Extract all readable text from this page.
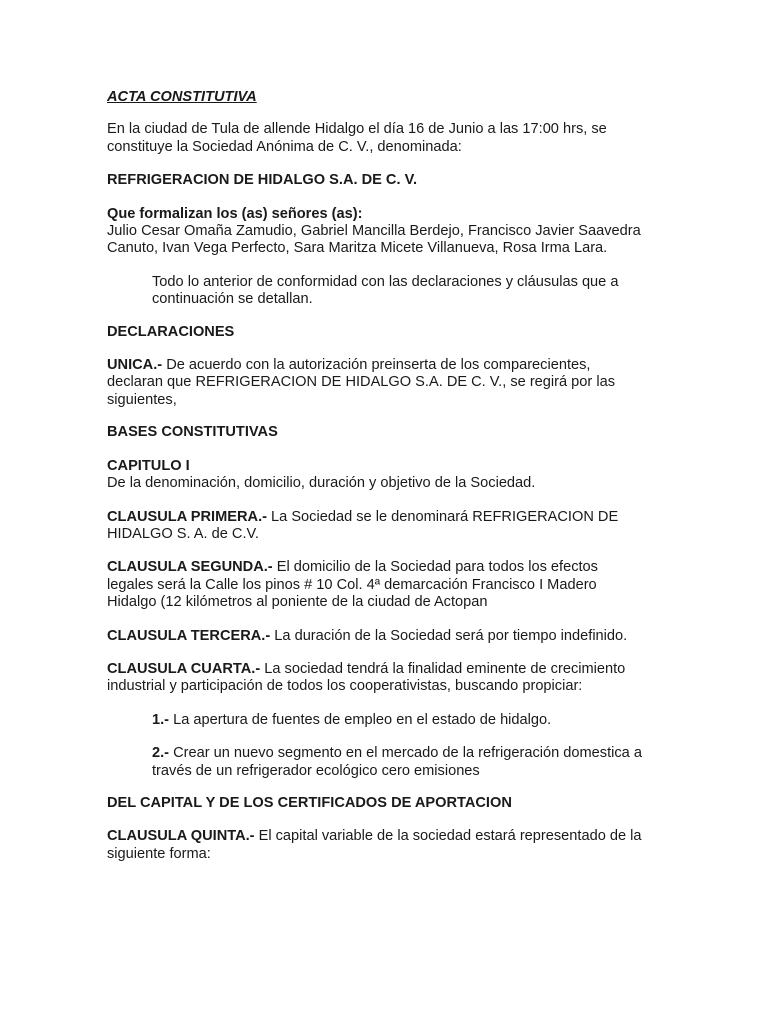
ACTA CONSTITUTIVA

En la ciudad de Tula de allende Hidalgo el día 16 de Junio a las 17:00 hrs, se
constituye la Sociedad Anónima de C. V., denominada:

REFRIGERACION DE HIDALGO S.A. DE C. V.

Que formalizan los (as) señores (as):
Julio Cesar Omaña Zamudio, Gabriel Mancilla Berdejo, Francisco Javier Saavedra
Canuto, Ivan Vega Perfecto, Sara Maritza Micete Villanueva, Rosa Irma Lara.

Todo lo anterior de conformidad con las declaraciones y cláusulas que a
continuación se detallan.

DECLARACIONES

UNICA.- De acuerdo con la autorización preinserta de los comparecientes,
declaran que REFRIGERACION DE HIDALGO S.A. DE C. V., se regirá por las
siguientes,

BASES CONSTITUTIVAS

CAPITULO I
De la denominación, domicilio, duración y objetivo de la Sociedad.

CLAUSULA PRIMERA.- La Sociedad se le denominará REFRIGERACION DE
HIDALGO S. A. de C.V.

CLAUSULA SEGUNDA.- El domicilio de la Sociedad para todos los efectos
legales será la Calle los pinos # 10 Col. 4ª demarcación Francisco I Madero
Hidalgo (12 kilómetros al poniente de la ciudad de Actopan

CLAUSULA TERCERA.- La duración de la Sociedad será por tiempo indefinido.

CLAUSULA CUARTA.- La sociedad tendrá la finalidad eminente de crecimiento
industrial y participación de todos los cooperativistas, buscando propiciar:

1.- La apertura de fuentes de empleo en el estado de hidalgo.

2.- Crear un nuevo segmento en el mercado de la refrigeración domestica a
través de un refrigerador ecológico cero emisiones

DEL CAPITAL Y DE LOS CERTIFICADOS DE APORTACION

CLAUSULA QUINTA.- El capital variable de la sociedad estará representado de la
siguiente forma:
